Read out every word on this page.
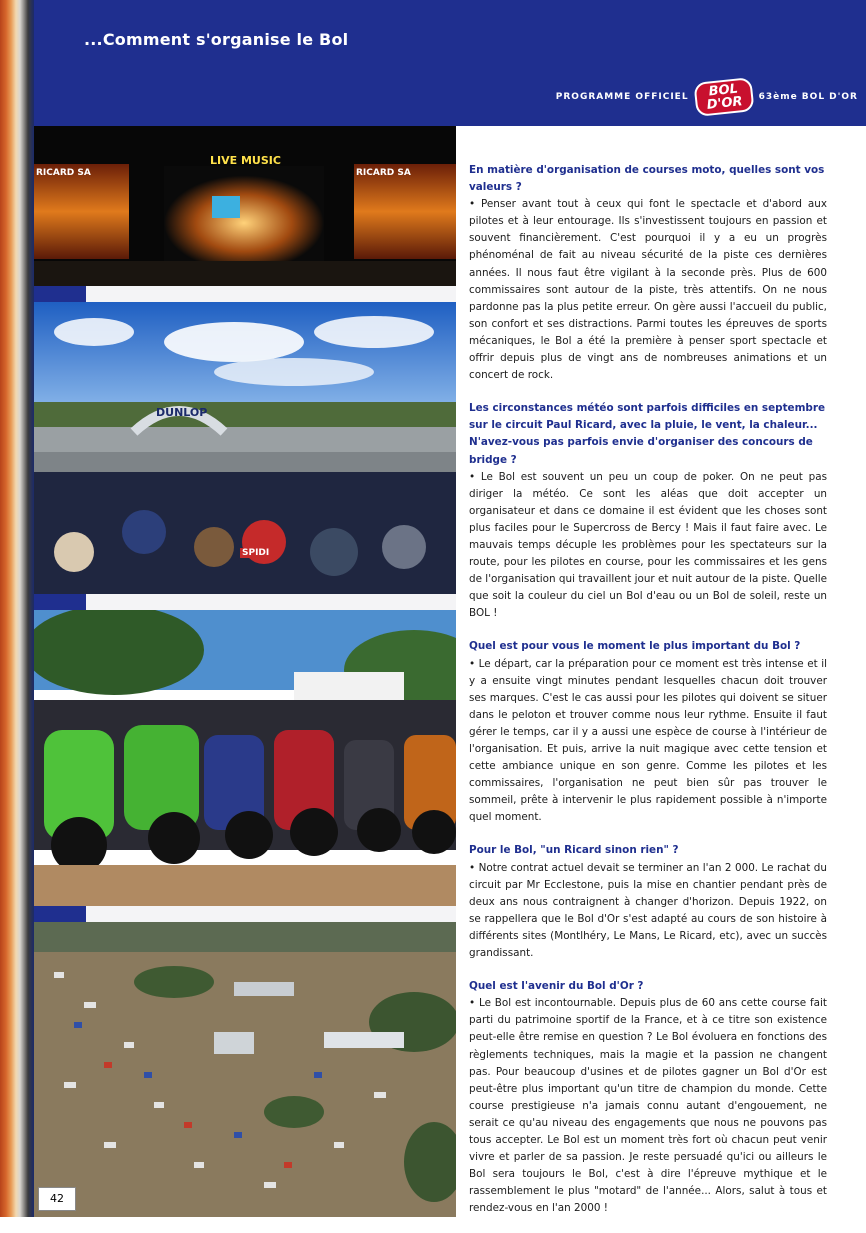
...Comment s'organise le Bol
PROGRAMME OFFICIEL	BOL D'OR	63ème BOL D'OR
RICARD SA
LIVE MUSIC
RICARD SA
DUNLOP
SPIDI

En matière d'organisation de courses moto, quelles sont vos valeurs ?

• Penser avant tout à ceux qui font le spectacle et d'abord aux pilotes et à leur entourage. Ils s'investissent toujours en passion et souvent financièrement. C'est pourquoi il y a eu un progrès phénoménal de fait au niveau sécurité de la piste ces dernières années. Il nous faut être vigilant à la seconde près. Plus de 600 commissaires sont autour de la piste, très attentifs. On ne nous pardonne pas la plus petite erreur. On gère aussi l'accueil du public, son confort et ses distractions. Parmi toutes les épreuves de sports mécaniques, le Bol a été la première à penser sport spectacle et offrir depuis plus de vingt ans de nombreuses animations et un concert de rock.

Les circonstances météo sont parfois difficiles en septembre sur le circuit Paul Ricard, avec la pluie, le vent, la chaleur... N'avez-vous pas parfois envie d'organiser des concours de bridge ?

• Le Bol est souvent un peu un coup de poker. On ne peut pas diriger la météo. Ce sont les aléas que doit accepter un organisateur et dans ce domaine il est évident que les choses sont plus faciles pour le Supercross de Bercy ! Mais il faut faire avec. Le mauvais temps décuple les problèmes pour les spectateurs sur la route, pour les pilotes en course, pour les commissaires et les gens de l'organisation qui travaillent jour et nuit autour de la piste. Quelle que soit la couleur du ciel un Bol d'eau ou un Bol de soleil, reste un BOL !

Quel est pour vous le moment le plus important du Bol ?

• Le départ, car la préparation pour ce moment est très intense et il y a ensuite vingt minutes pendant lesquelles chacun doit trouver ses marques. C'est le cas aussi pour les pilotes qui doivent se situer dans le peloton et trouver comme nous leur rythme. Ensuite il faut gérer le temps, car il y a aussi une espèce de course à l'intérieur de l'organisation. Et puis, arrive la nuit magique avec cette tension et cette ambiance unique en son genre. Comme les pilotes et les commissaires, l'organisation ne peut bien sûr pas trouver le sommeil, prête à intervenir le plus rapidement possible à n'importe quel moment.

Pour le Bol, "un Ricard sinon rien" ?

• Notre contrat actuel devait se terminer an l'an 2 000. Le rachat du circuit par Mr Ecclestone, puis la mise en chantier pendant près de deux ans nous contraignent à changer d'horizon. Depuis 1922, on se rappellera que le Bol d'Or s'est adapté au cours de son histoire à différents sites (Montlhéry, Le Mans, Le Ricard, etc), avec un succès grandissant.

Quel est l'avenir du Bol d'Or ?

• Le Bol est incontournable. Depuis plus de 60 ans cette course fait parti du patrimoine sportif de la France, et à ce titre son existence peut-elle être remise en question ? Le Bol évoluera en fonctions des règlements techniques, mais la magie et la passion ne changent pas. Pour beaucoup d'usines et de pilotes gagner un Bol d'Or est peut-être plus important qu'un titre de champion du monde. Cette course prestigieuse n'a jamais connu autant d'engouement, ne serait ce qu'au niveau des engagements que nous ne pouvons pas tous accepter. Le Bol est un moment très fort où chacun peut venir vivre et parler de sa passion. Je reste persuadé qu'ici ou ailleurs le Bol sera toujours le Bol, c'est à dire l'épreuve mythique et le rassemblement le plus "motard" de l'année... Alors, salut à tous et rendez-vous en l'an 2000 !

42
